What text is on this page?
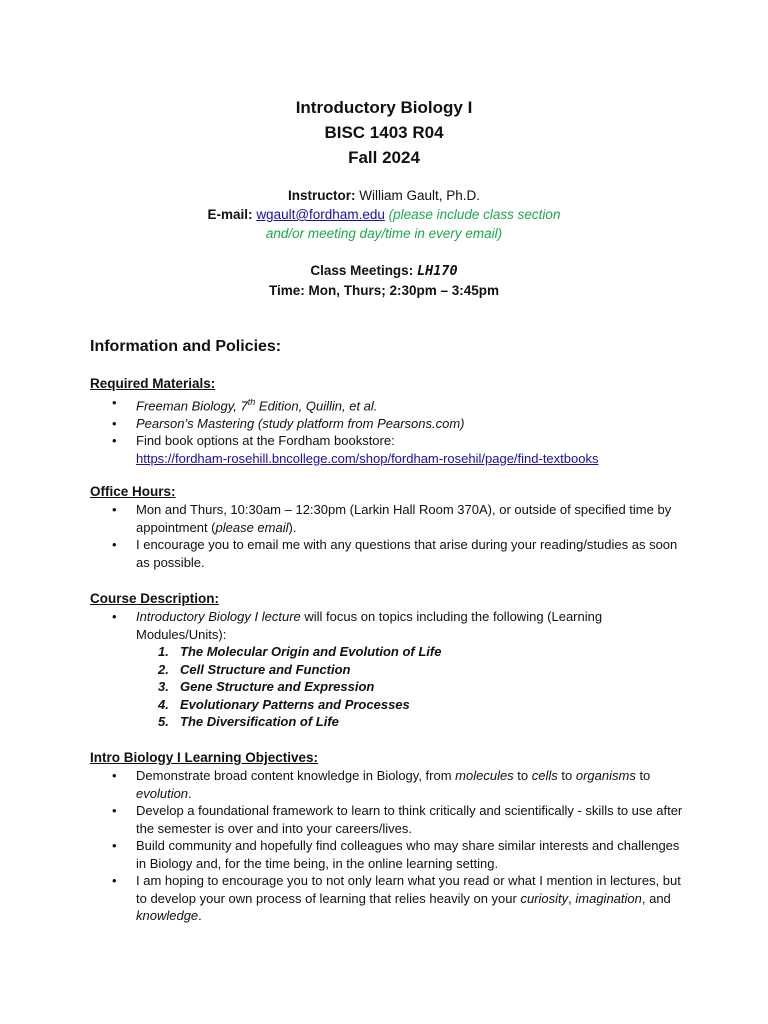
Introductory Biology I
BISC 1403 R04
Fall 2024
Instructor: William Gault, Ph.D.
E-mail: wgault@fordham.edu (please include class section
and/or meeting day/time in every email)
Class Meetings: LH170
Time: Mon, Thurs; 2:30pm – 3:45pm
Information and Policies:
Required Materials:
• Freeman Biology, 7th Edition, Quillin, et al.
• Pearson’s Mastering (study platform from Pearsons.com)
• Find book options at the Fordham bookstore:
https://fordham-rosehill.bncollege.com/shop/fordham-rosehil/page/find-textbooks
Office Hours:
• Mon and Thurs, 10:30am – 12:30pm (Larkin Hall Room 370A), or outside of specified time by
appointment (please email).
• I encourage you to email me with any questions that arise during your reading/studies as soon
as possible.
Course Description:
• Introductory Biology I lecture will focus on topics including the following (Learning
Modules/Units):
1. The Molecular Origin and Evolution of Life
2. Cell Structure and Function
3. Gene Structure and Expression
4. Evolutionary Patterns and Processes
5. The Diversification of Life
Intro Biology I Learning Objectives:
• Demonstrate broad content knowledge in Biology, from molecules to cells to organisms to
evolution.
• Develop a foundational framework to learn to think critically and scientifically - skills to use after
the semester is over and into your careers/lives.
• Build community and hopefully find colleagues who may share similar interests and challenges
in Biology and, for the time being, in the online learning setting.
• I am hoping to encourage you to not only learn what you read or what I mention in lectures, but
to develop your own process of learning that relies heavily on your curiosity, imagination, and
knowledge.
